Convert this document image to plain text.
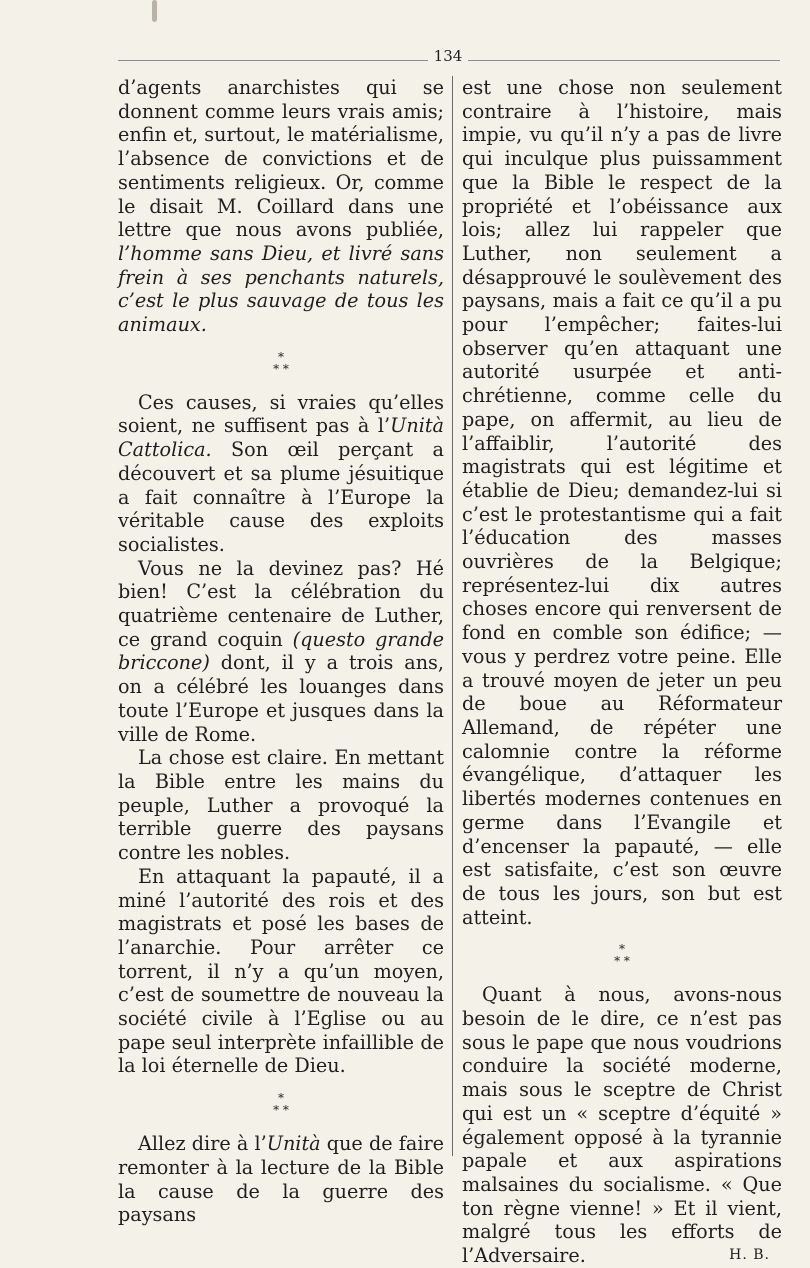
134

d’agents anarchistes qui se donnent comme leurs vrais amis; enfin et, surtout, le matérialisme, l’absence de convictions et de sentiments religieux. Or, comme le disait M. Coillard dans une lettre que nous avons publiée, l’homme sans Dieu, et livré sans frein à ses penchants naturels, c’est le plus sauvage de tous les animaux.

*
* *

Ces causes, si vraies qu’elles soient, ne suffisent pas à l’Unità Cattolica. Son œil perçant a découvert et sa plume jésuitique a fait connaître à l’Europe la véritable cause des exploits socialistes.

Vous ne la devinez pas? Hé bien! C’est la célébration du quatrième centenaire de Luther, ce grand coquin (questo grande briccone) dont, il y a trois ans, on a célébré les louanges dans toute l’Europe et jusques dans la ville de Rome.

La chose est claire. En mettant la Bible entre les mains du peuple, Luther a provoqué la terrible guerre des paysans contre les nobles.

En attaquant la papauté, il a miné l’autorité des rois et des magistrats et posé les bases de l’anarchie. Pour arrêter ce torrent, il n’y a qu’un moyen, c’est de soumettre de nouveau la société civile à l’Eglise ou au pape seul interprète infaillible de la loi éternelle de Dieu.

*
* *

Allez dire à l’Unità que de faire remonter à la lecture de la Bible la cause de la guerre des paysans

est une chose non seulement contraire à l’histoire, mais impie, vu qu’il n’y a pas de livre qui inculque plus puissamment que la Bible le respect de la propriété et l’obéissance aux lois; allez lui rappeler que Luther, non seulement a désapprouvé le soulèvement des paysans, mais a fait ce qu’il a pu pour l’empêcher; faites-lui observer qu’en attaquant une autorité usurpée et anti-chrétienne, comme celle du pape, on affermit, au lieu de l’affaiblir, l’autorité des magistrats qui est légitime et établie de Dieu; demandez-lui si c’est le protestantisme qui a fait l’éducation des masses ouvrières de la Belgique; représentez-lui dix autres choses encore qui renversent de fond en comble son édifice; — vous y perdrez votre peine. Elle a trouvé moyen de jeter un peu de boue au Réformateur Allemand, de répéter une calomnie contre la réforme évangélique, d’attaquer les libertés modernes contenues en germe dans l’Evangile et d’encenser la papauté, — elle est satisfaite, c’est son œuvre de tous les jours, son but est atteint.

*
* *

Quant à nous, avons-nous besoin de le dire, ce n’est pas sous le pape que nous voudrions conduire la société moderne, mais sous le sceptre de Christ qui est un « sceptre d’équité » également opposé à la tyrannie papale et aux aspirations malsaines du socialisme. « Que ton règne vienne! » Et il vient, malgré tous les efforts de l’Adversaire.	H. B.
